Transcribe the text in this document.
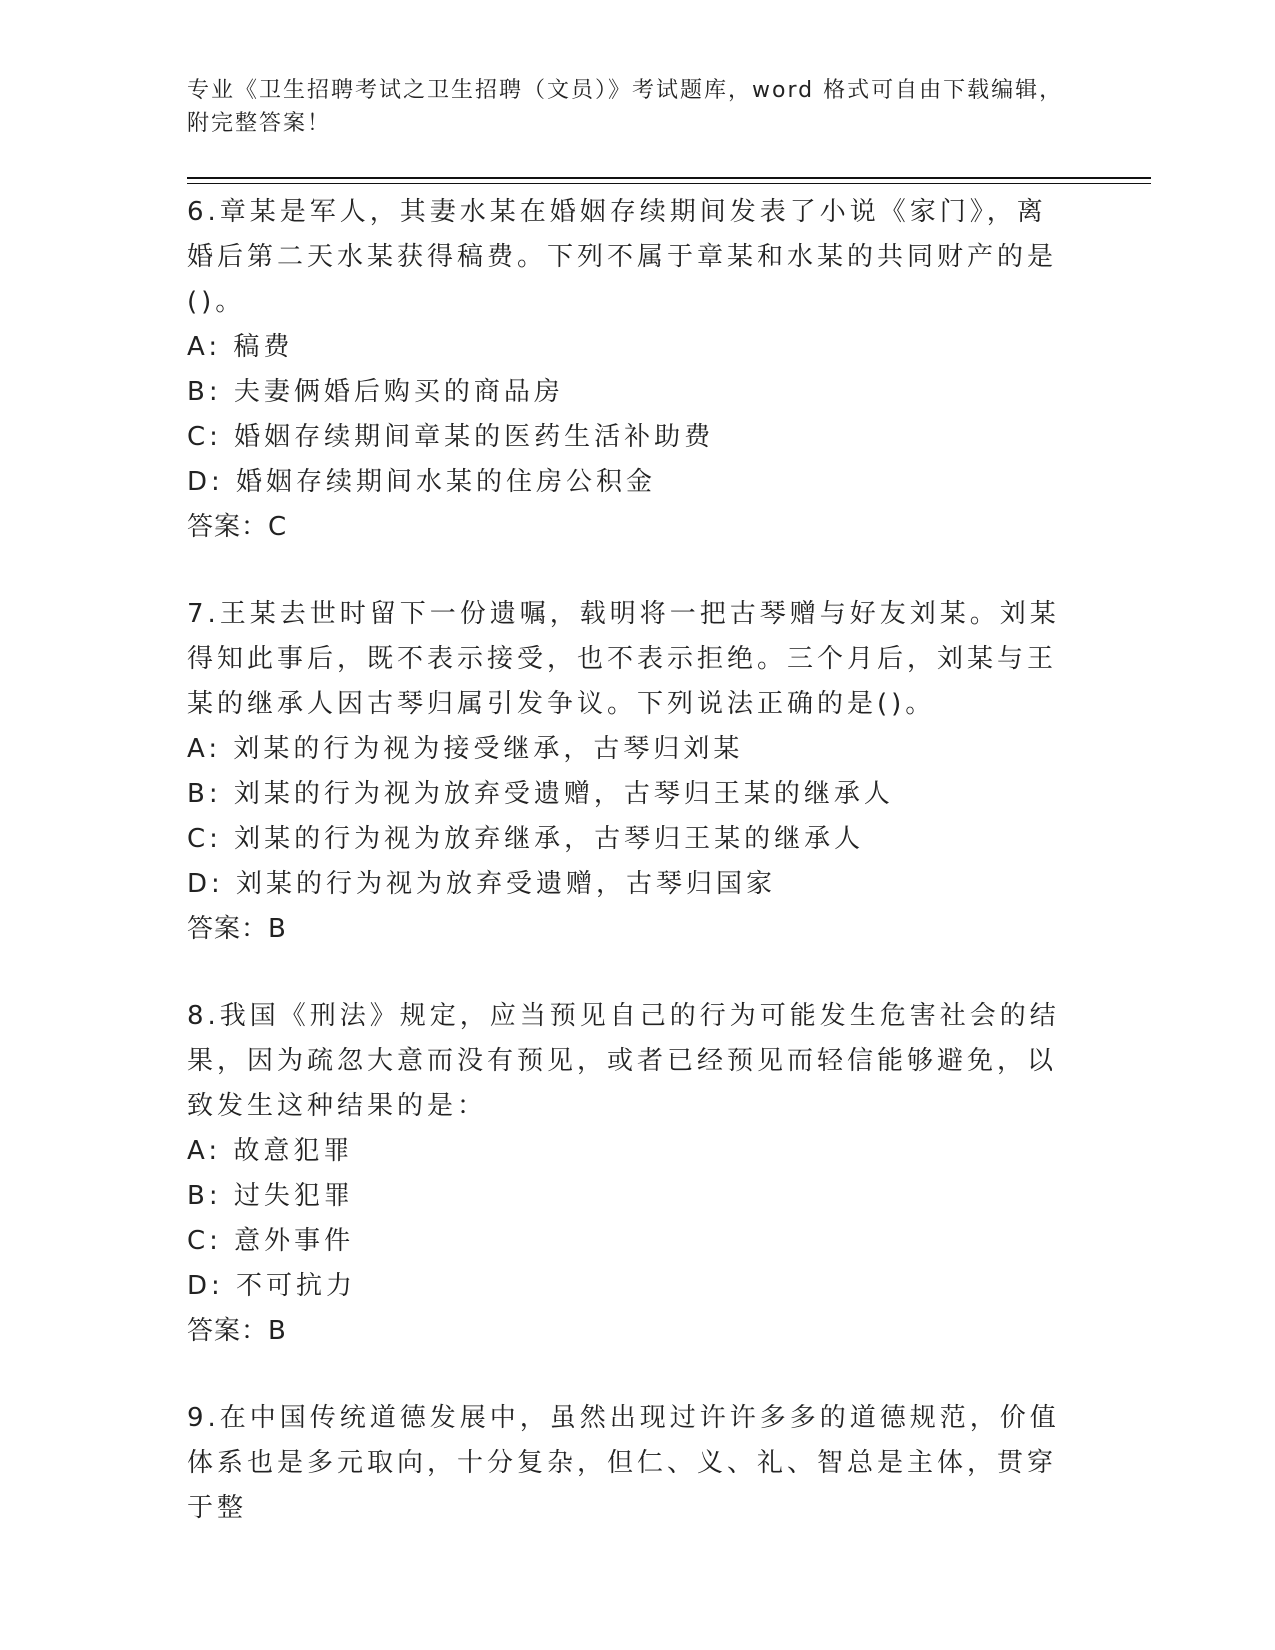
专业《卫生招聘考试之卫生招聘（文员）》考试题库，word 格式可自由下载编辑，附完整答案！
6.章某是军人，其妻水某在婚姻存续期间发表了小说《家门》，离婚后第二天水某获得稿费。下列不属于章某和水某的共同财产的是()。
A: 稿费
B: 夫妻俩婚后购买的商品房
C: 婚姻存续期间章某的医药生活补助费
D: 婚姻存续期间水某的住房公积金
答案：C
7.王某去世时留下一份遗嘱，载明将一把古琴赠与好友刘某。刘某得知此事后，既不表示接受，也不表示拒绝。三个月后，刘某与王某的继承人因古琴归属引发争议。下列说法正确的是()。
A: 刘某的行为视为接受继承，古琴归刘某
B: 刘某的行为视为放弃受遗赠，古琴归王某的继承人
C: 刘某的行为视为放弃继承，古琴归王某的继承人
D: 刘某的行为视为放弃受遗赠，古琴归国家
答案：B
8.我国《刑法》规定，应当预见自己的行为可能发生危害社会的结果，因为疏忽大意而没有预见，或者已经预见而轻信能够避免，以致发生这种结果的是：
A: 故意犯罪
B: 过失犯罪
C: 意外事件
D: 不可抗力
答案：B
9.在中国传统道德发展中，虽然出现过许许多多的道德规范，价值体系也是多元取向，十分复杂，但仁、义、礼、智总是主体，贯穿于整
